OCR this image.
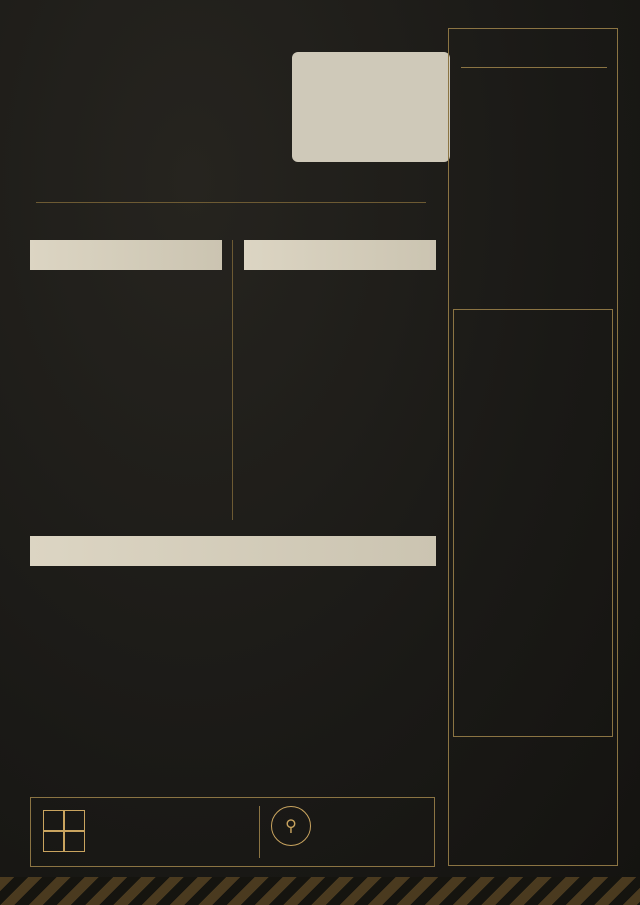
⚲
